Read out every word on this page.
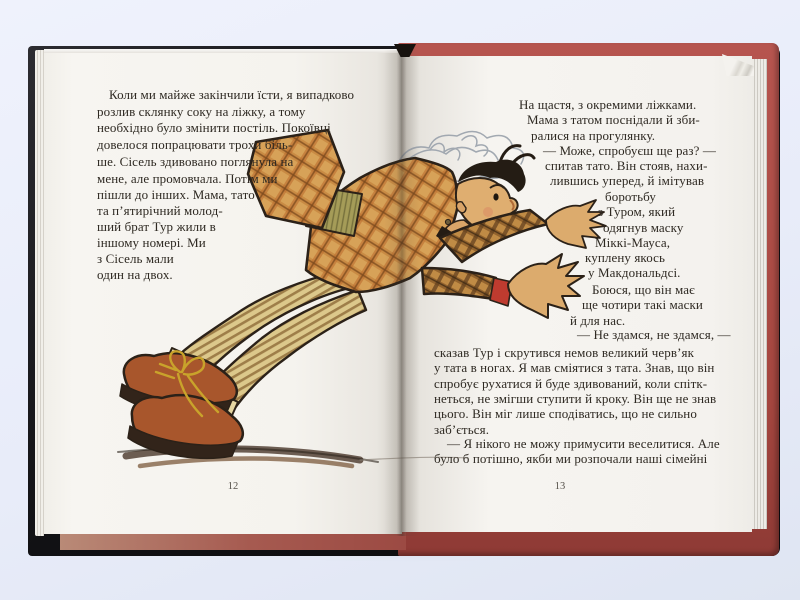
Коли ми майже закінчили їсти, я випадково
розлив склянку соку на ліжку, а тому
необхідно було змінити постіль. Покоївці
довелося попрацювати трохи біль-
ше. Сісель здивовано поглянула на
мене, але промовчала. Потім ми
пішли до інших. Мама, тато
та п’ятирічний молод-
ший брат Тур жили в
іншому номері. Ми
з Сісель мали
один на двох.
На щастя, з окремими ліжками.
Мама з татом поснідали й зби-
ралися на прогулянку.
— Може, спробуєш ще раз? —
спитав тато. Він стояв, нахи-
лившись уперед, й імітував
боротьбу
з Туром, який
одягнув маску
Міккі-Мауса,
куплену якось
у Макдональдсі.
Боюся, що він має
ще чотири такі маски
й для нас.
— Не здамся, не здамся, —
сказав Тур і скрутився немов великий черв’як
у тата в ногах. Я мав сміятися з тата. Знав, що він
спробує рухатися й буде здивований, коли спітк-
неться, не змігши ступити й кроку. Він ще не знав
цього. Він міг лише сподіватись, що не сильно
заб’ється.
— Я нікого не можу примусити веселитися. Але
було б потішно, якби ми розпочали наші сімейні
12	13
